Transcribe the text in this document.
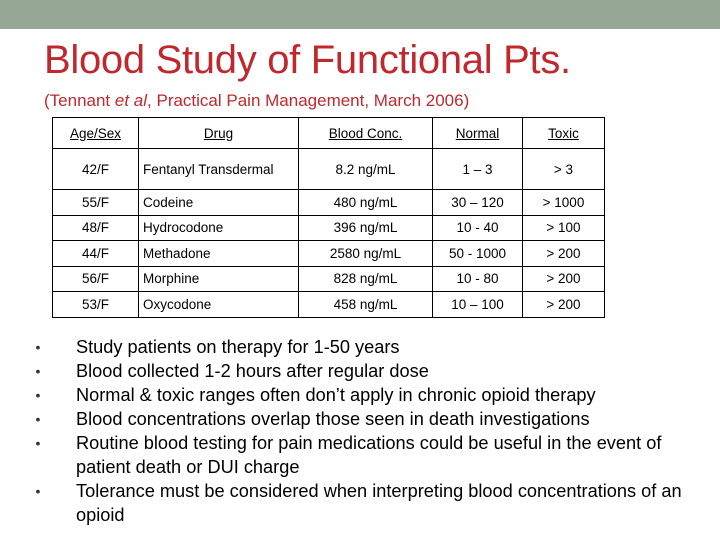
Blood Study of Functional Pts.
(Tennant et al, Practical Pain Management, March 2006)
Age/Sex	Drug	Blood Conc.	Normal	Toxic
42/F	Fentanyl Transdermal	8.2 ng/mL	1 – 3	> 3
55/F	Codeine	480 ng/mL	30 – 120	> 1000
48/F	Hydrocodone	396 ng/mL	10 - 40	> 100
44/F	Methadone	2580 ng/mL	50 - 1000	> 200
56/F	Morphine	828 ng/mL	10 - 80	> 200
53/F	Oxycodone	458 ng/mL	10 – 100	> 200
•	Study patients on therapy for 1-50 years
•	Blood collected 1-2 hours after regular dose
•	Normal & toxic ranges often don’t apply in chronic opioid therapy
•	Blood concentrations overlap those seen in death investigations
•	Routine blood testing for pain medications could be useful in the event of patient death or DUI charge
•	Tolerance must be considered when interpreting blood concentrations of an opioid
